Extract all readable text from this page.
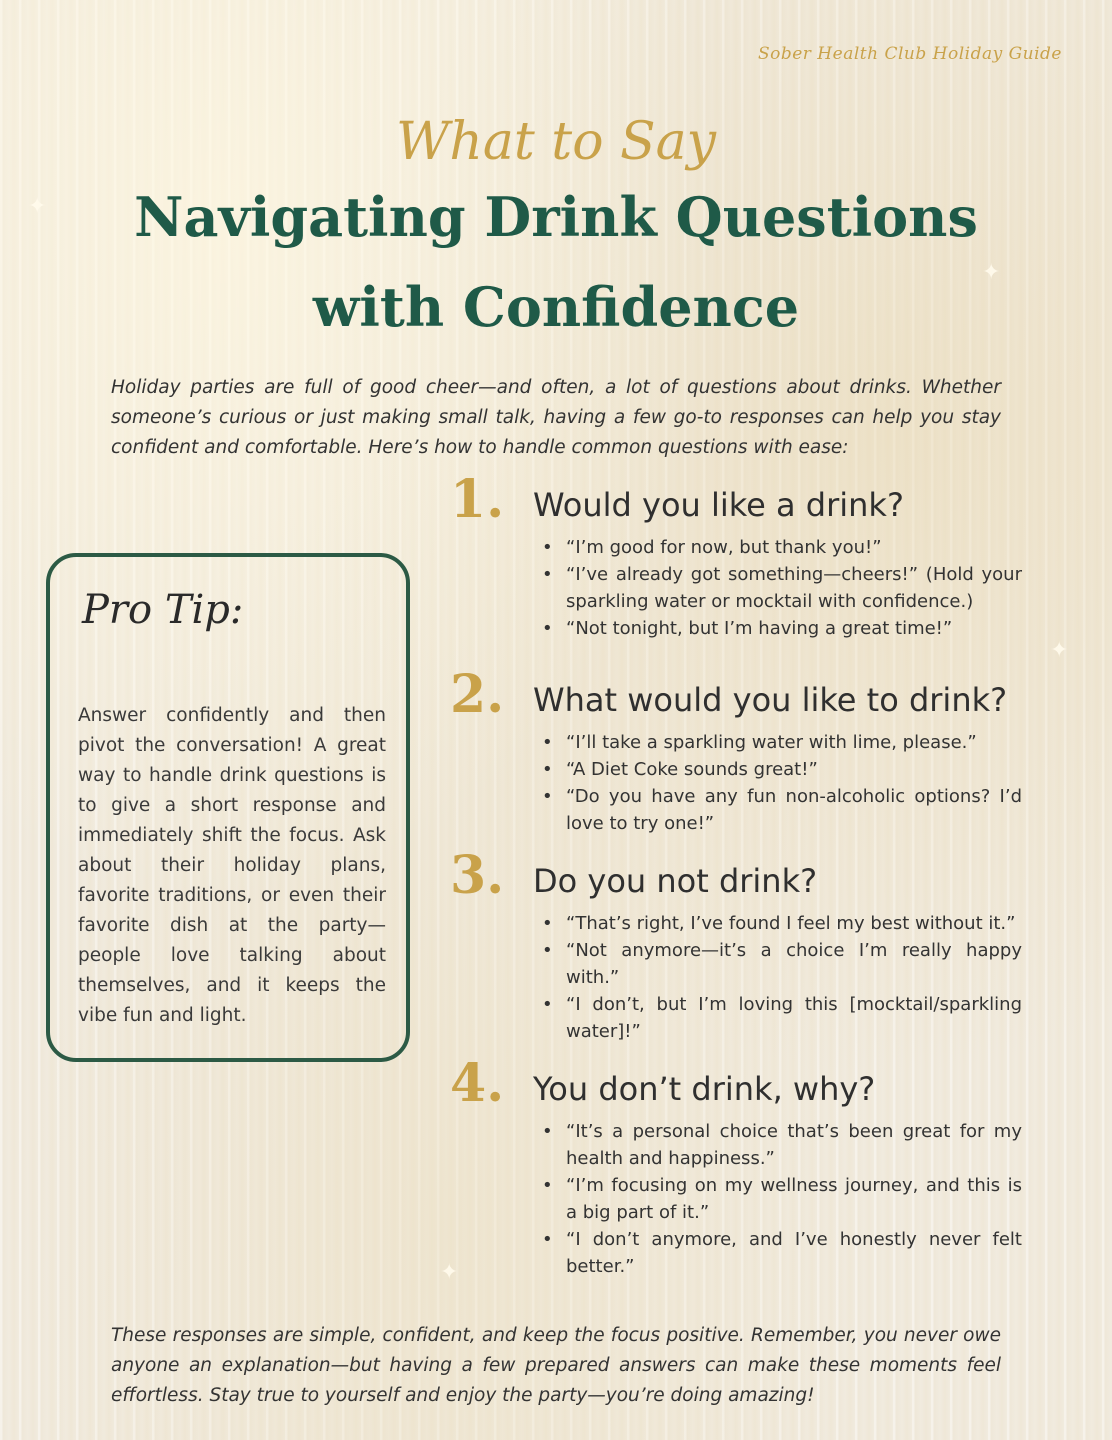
✦
✦
✦
✦
Sober Health Club Holiday Guide
What to Say
Navigating Drink Questions
with Confidence

Holiday parties are full of good cheer—and often, a lot of questions about drinks. Whether someone’s curious or just making small talk, having a few go-to responses can help you stay confident and comfortable. Here’s how to handle common questions with ease:

Pro Tip:
Answer confidently and then pivot the conversation! A great way to handle drink questions is to give a short response and immediately shift the focus. Ask about their holiday plans, favorite traditions, or even their favorite dish at the party—people love talking about themselves, and it keeps the vibe fun and light.
1. Would you like a drink?
• “I’m good for now, but thank you!”
• “I’ve already got something—cheers!” (Hold your sparkling water or mocktail with confidence.)
• “Not tonight, but I’m having a great time!”
2. What would you like to drink?
• “I’ll take a sparkling water with lime, please.”
• “A Diet Coke sounds great!”
• “Do you have any fun non-alcoholic options? I’d love to try one!”
3. Do you not drink?
• “That’s right, I’ve found I feel my best without it.”
• “Not anymore—it’s a choice I’m really happy with.”
• “I don’t, but I’m loving this [mocktail/sparkling water]!”
4. You don’t drink, why?
• “It’s a personal choice that’s been great for my health and happiness.”
• “I’m focusing on my wellness journey, and this is a big part of it.”
• “I don’t anymore, and I’ve honestly never felt better.”

These responses are simple, confident, and keep the focus positive. Remember, you never owe anyone an explanation—but having a few prepared answers can make these moments feel effortless. Stay true to yourself and enjoy the party—you’re doing amazing!
